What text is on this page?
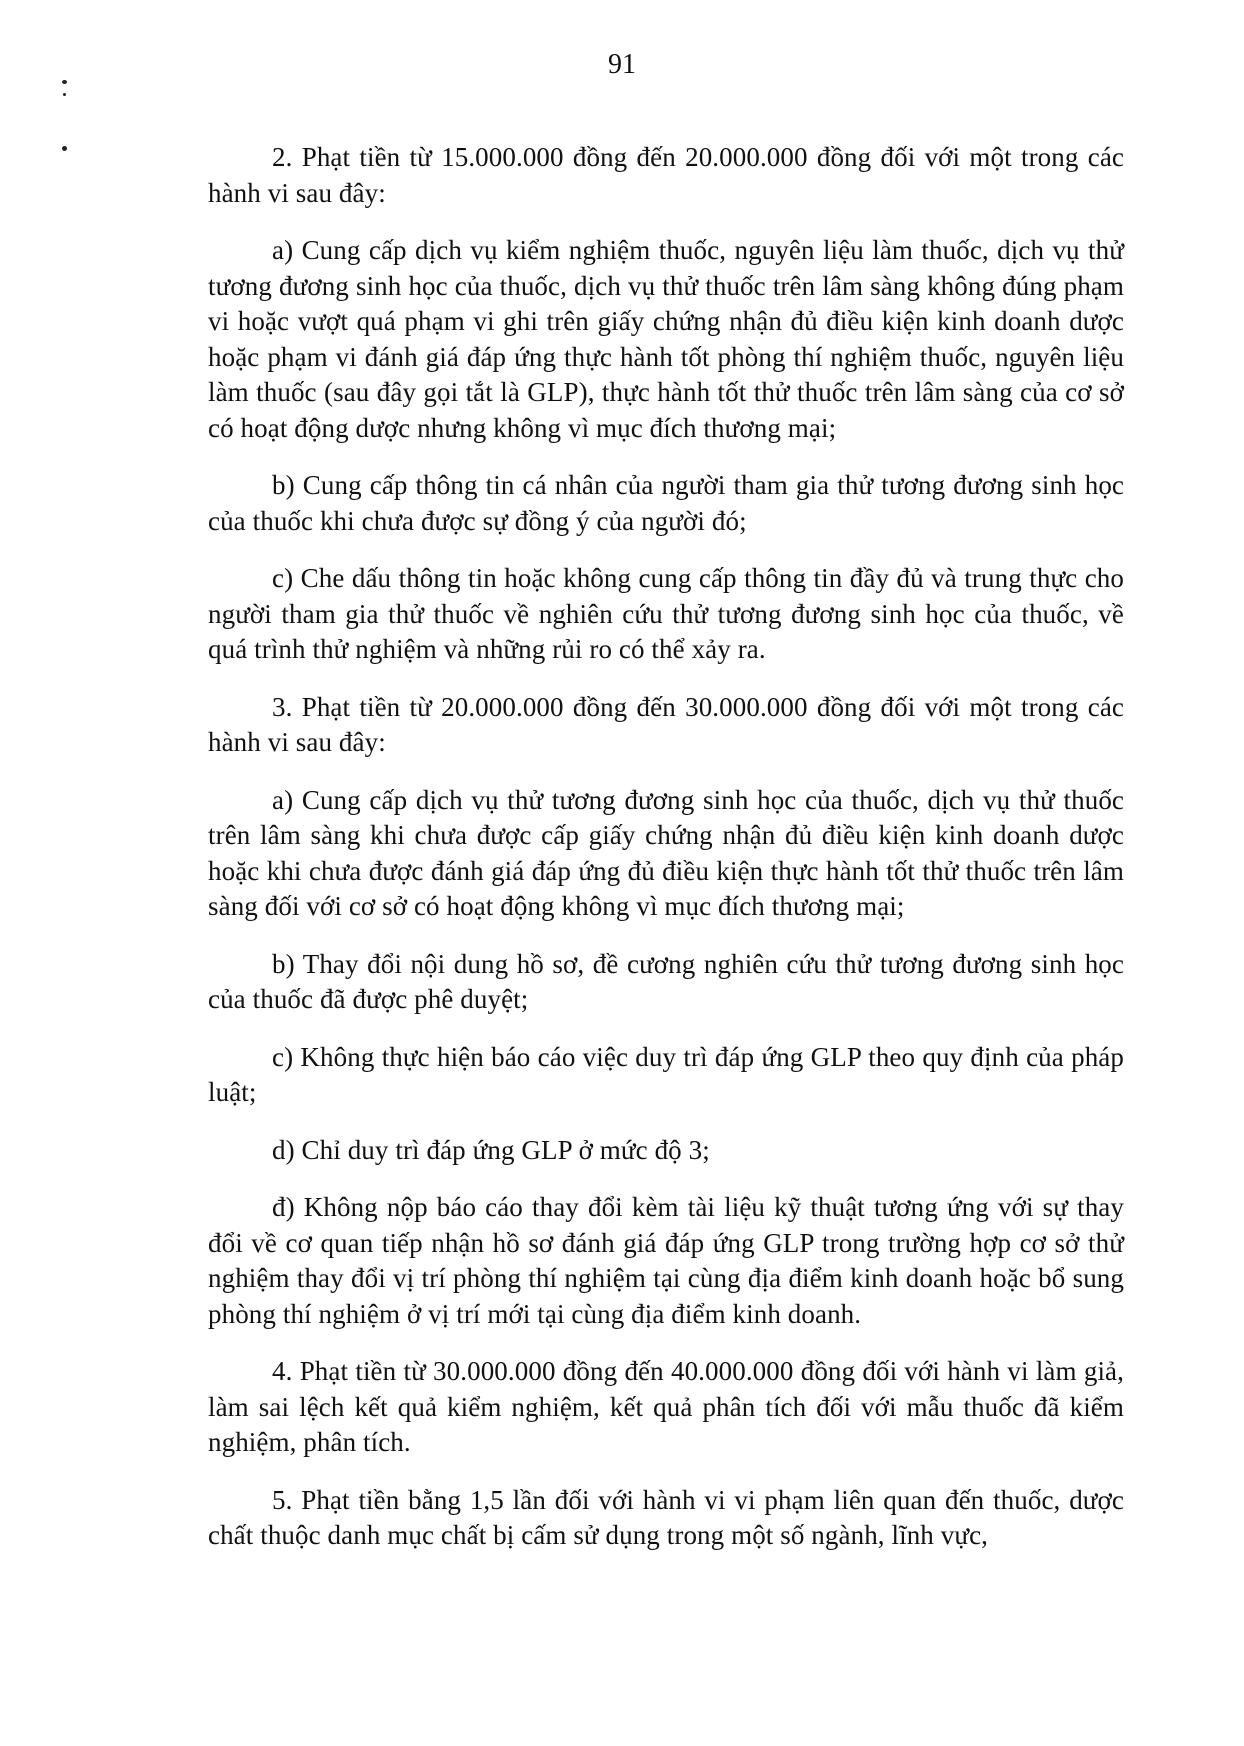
91

2. Phạt tiền từ 15.000.000 đồng đến 20.000.000 đồng đối với một trong các hành vi sau đây:

a) Cung cấp dịch vụ kiểm nghiệm thuốc, nguyên liệu làm thuốc, dịch vụ thử tương đương sinh học của thuốc, dịch vụ thử thuốc trên lâm sàng không đúng phạm vi hoặc vượt quá phạm vi ghi trên giấy chứng nhận đủ điều kiện kinh doanh dược hoặc phạm vi đánh giá đáp ứng thực hành tốt phòng thí nghiệm thuốc, nguyên liệu làm thuốc (sau đây gọi tắt là GLP), thực hành tốt thử thuốc trên lâm sàng của cơ sở có hoạt động dược nhưng không vì mục đích thương mại;

b) Cung cấp thông tin cá nhân của người tham gia thử tương đương sinh học của thuốc khi chưa được sự đồng ý của người đó;

c) Che dấu thông tin hoặc không cung cấp thông tin đầy đủ và trung thực cho người tham gia thử thuốc về nghiên cứu thử tương đương sinh học của thuốc, về quá trình thử nghiệm và những rủi ro có thể xảy ra.

3. Phạt tiền từ 20.000.000 đồng đến 30.000.000 đồng đối với một trong các hành vi sau đây:

a) Cung cấp dịch vụ thử tương đương sinh học của thuốc, dịch vụ thử thuốc trên lâm sàng khi chưa được cấp giấy chứng nhận đủ điều kiện kinh doanh dược hoặc khi chưa được đánh giá đáp ứng đủ điều kiện thực hành tốt thử thuốc trên lâm sàng đối với cơ sở có hoạt động không vì mục đích thương mại;

b) Thay đổi nội dung hồ sơ, đề cương nghiên cứu thử tương đương sinh học của thuốc đã được phê duyệt;

c) Không thực hiện báo cáo việc duy trì đáp ứng GLP theo quy định của pháp luật;

d) Chỉ duy trì đáp ứng GLP ở mức độ 3;

đ) Không nộp báo cáo thay đổi kèm tài liệu kỹ thuật tương ứng với sự thay đổi về cơ quan tiếp nhận hồ sơ đánh giá đáp ứng GLP trong trường hợp cơ sở thử nghiệm thay đổi vị trí phòng thí nghiệm tại cùng địa điểm kinh doanh hoặc bổ sung phòng thí nghiệm ở vị trí mới tại cùng địa điểm kinh doanh.

4. Phạt tiền từ 30.000.000 đồng đến 40.000.000 đồng đối với hành vi làm giả, làm sai lệch kết quả kiểm nghiệm, kết quả phân tích đối với mẫu thuốc đã kiểm nghiệm, phân tích.

5. Phạt tiền bằng 1,5 lần đối với hành vi vi phạm liên quan đến thuốc, dược chất thuộc danh mục chất bị cấm sử dụng trong một số ngành, lĩnh vực,
